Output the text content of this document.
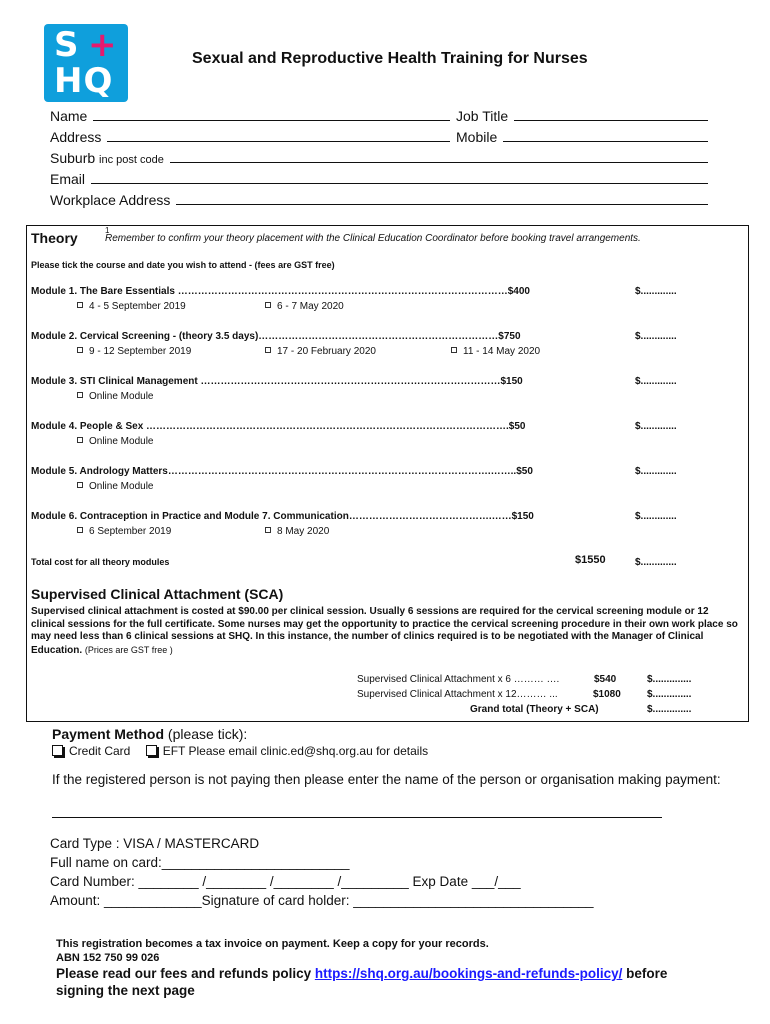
S +
HQ
Sexual and Reproductive Health Training for Nurses
Name	Job Title
Address	Mobile
Suburb inc post code
Email
Workplace Address
Theory	1
Remember to confirm your theory placement with the Clinical Education Coordinator before booking travel arrangements.
Please tick the course and date you wish to attend - (fees are GST free)
Module 1. The Bare Essentials ………………………………………………………………………………………$400	$.............
4 - 5 September 2019	6 - 7 May 2020
Module 2. Cervical Screening - (theory 3.5 days)………………………………………………………………$750	$.............
9 - 12 September 2019	17 - 20 February 2020	11 - 14 May 2020
Module 3. STI Clinical Management ………………………………………………………………………………$150	$.............
Online Module
Module 4. People & Sex ……………………………………………………………………………………………….$50	$.............
Online Module
Module 5. Andrology Matters…………………………………………………………………………………….……..$50	$.............
Online Module
Module 6. Contraception in Practice and Module 7. Communication…………………………………….……$150	$.............
6 September 2019	8 May 2020
Total cost for all theory modules	$1550	$.............
Supervised Clinical Attachment (SCA)
Supervised clinical attachment is costed at $90.00 per clinical session. Usually 6 sessions are required for the cervical screening module or 12 clinical sessions for the full certificate. Some nurses may get the opportunity to practice the cervical screening procedure in their own work place so may need less than 6 clinical sessions at SHQ. In this instance, the number of clinics required is to be negotiated with the Manager of Clinical Education. (Prices are GST free )
Supervised Clinical Attachment x 6 ……… ….	$540	$..............
Supervised Clinical Attachment x 12……… ...	$1080	$..............
Grand total (Theory + SCA)	$..............
Payment Method (please tick):
Credit Card	EFT Please email clinic.ed@shq.org.au for details
If the registered person is not paying then please enter the name of the person or organisation making payment:
Card Type : VISA / MASTERCARD
Full name on card:_________________________
Card Number: ________ /________ /________ /_________ Exp Date ___/___
Amount: _____________Signature of card holder: ________________________________
This registration becomes a tax invoice on payment. Keep a copy for your records.
ABN 152 750 99 026
Please read our fees and refunds policy https://shq.org.au/bookings-and-refunds-policy/ before
signing the next page
